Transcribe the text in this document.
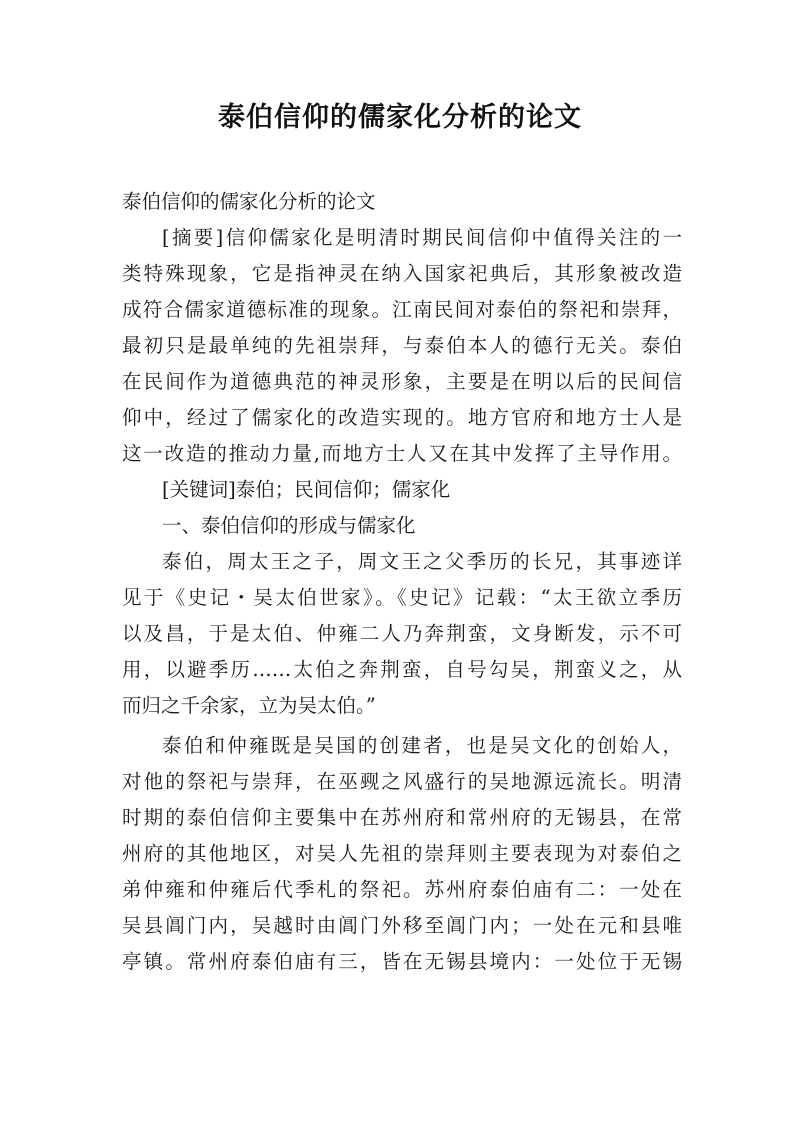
泰伯信仰的儒家化分析的论文
泰伯信仰的儒家化分析的论文
[摘要]信仰儒家化是明清时期民间信仰中值得关注的一
类特殊现象，它是指神灵在纳入国家祀典后，其形象被改造
成符合儒家道德标准的现象。江南民间对泰伯的祭祀和崇拜，
最初只是最单纯的先祖崇拜，与泰伯本人的德行无关。泰伯
在民间作为道德典范的神灵形象，主要是在明以后的民间信
仰中，经过了儒家化的改造实现的。地方官府和地方士人是
这一改造的推动力量,而地方士人又在其中发挥了主导作用。
[关键词]泰伯；民间信仰；儒家化
一、泰伯信仰的形成与儒家化
泰伯，周太王之子，周文王之父季历的长兄，其事迹详
见于《史记・吴太伯世家》。《史记》记载：“太王欲立季历
以及昌，于是太伯、仲雍二人乃奔荆蛮，文身断发，示不可
用，以避季历……太伯之奔荆蛮，自号勾吴，荆蛮义之，从
而归之千余家，立为吴太伯。”
泰伯和仲雍既是吴国的创建者，也是吴文化的创始人，
对他的祭祀与崇拜，在巫觋之风盛行的吴地源远流长。明清
时期的泰伯信仰主要集中在苏州府和常州府的无锡县，在常
州府的其他地区，对吴人先祖的崇拜则主要表现为对泰伯之
弟仲雍和仲雍后代季札的祭祀。苏州府泰伯庙有二：一处在
吴县阊门内，吴越时由阊门外移至阊门内；一处在元和县唯
亭镇。常州府泰伯庙有三，皆在无锡县境内：一处位于无锡
